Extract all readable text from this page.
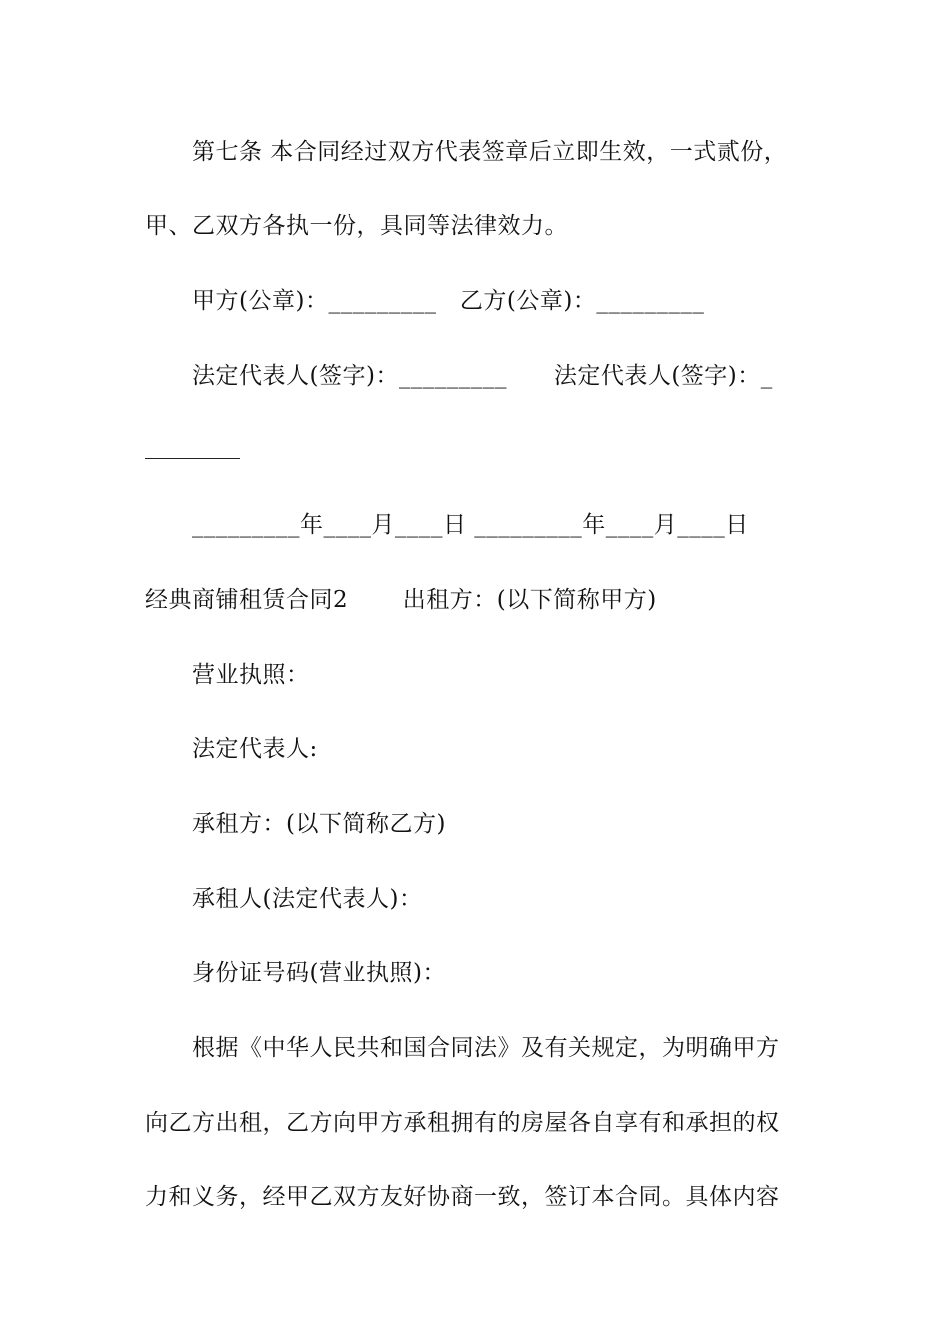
第七条 本合同经过双方代表签章后立即生效，一式贰份，
甲、乙双方各执一份，具同等法律效力。
甲方(公章)：_________   乙方(公章)：_________
法定代表人(签字)：_________      法定代表人(签字)：_
_________年____月____日 _________年____月____日
经典商铺租赁合同2       出租方：(以下简称甲方)
营业执照：
法定代表人:
承租方：(以下简称乙方)
承租人(法定代表人)：
身份证号码(营业执照)：
根据《中华人民共和国合同法》及有关规定，为明确甲方
向乙方出租，乙方向甲方承租拥有的房屋各自享有和承担的权
力和义务，经甲乙双方友好协商一致，签订本合同。具体内容
